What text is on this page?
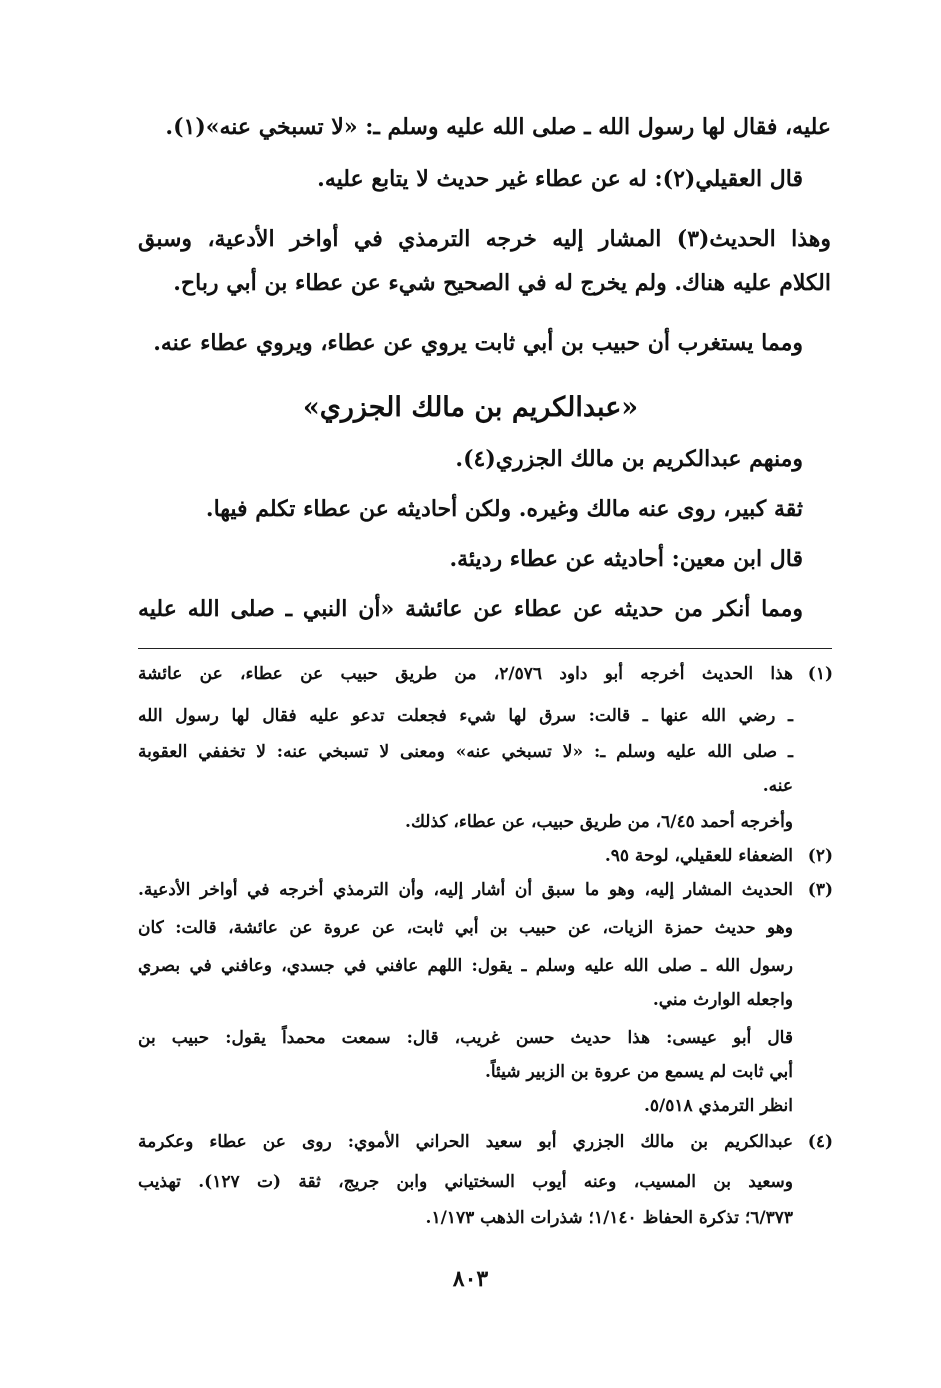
عليه، فقال لها رسول الله ـ صلى الله عليه وسلم ـ: «لا تسبخي عنه»(١).
قال العقيلي(٢): له عن عطاء غير حديث لا يتابع عليه.
وهذا الحديث(٣) المشار إليه خرجه الترمذي في أواخر الأدعية، وسبق
الكلام عليه هناك. ولم يخرج له في الصحيح شيء عن عطاء بن أبي رباح.
ومما يستغرب أن حبيب بن أبي ثابت يروي عن عطاء، ويروي عطاء عنه.
«عبدالكريم بن مالك الجزري»
ومنهم عبدالكريم بن مالك الجزري(٤).
ثقة كبير، روى عنه مالك وغيره. ولكن أحاديثه عن عطاء تكلم فيها.
قال ابن معين: أحاديثه عن عطاء رديئة.
ومما أنكر من حديثه عن عطاء عن عائشة «أن النبي ـ صلى الله عليه
(١)
هذا الحديث أخرجه أبو داود ٢/٥٧٦، من طريق حبيب عن عطاء، عن عائشة
ـ رضي الله عنها ـ قالت: سرق لها شيء فجعلت تدعو عليه فقال لها رسول الله
ـ صلى الله عليه وسلم ـ: «لا تسبخي عنه» ومعنى لا تسبخي عنه: لا تخففي العقوبة
عنه.
وأخرجه أحمد ٦/٤٥، من طريق حبيب، عن عطاء، كذلك.
(٢)
الضعفاء للعقيلي، لوحة ٩٥.
(٣)
الحديث المشار إليه، وهو ما سبق أن أشار إليه، وأن الترمذي أخرجه في أواخر الأدعية.
وهو حديث حمزة الزيات، عن حبيب بن أبي ثابت، عن عروة عن عائشة، قالت: كان
رسول الله ـ صلى الله عليه وسلم ـ يقول: اللهم عافني في جسدي، وعافني في بصري
واجعله الوارث مني.
قال أبو عيسى: هذا حديث حسن غريب، قال: سمعت محمداً يقول: حبيب بن
أبي ثابت لم يسمع من عروة بن الزبير شيئاً.
انظر الترمذي ٥/٥١٨.
(٤)
عبدالكريم بن مالك الجزري أبو سعيد الحراني الأموي: روى عن عطاء وعكرمة
وسعيد بن المسيب، وعنه أيوب السختياني وابن جريج، ثقة (ت ١٢٧). تهذيب
٦/٣٧٣؛ تذكرة الحفاظ ١/١٤٠؛ شذرات الذهب ١/١٧٣.
٨٠٣
